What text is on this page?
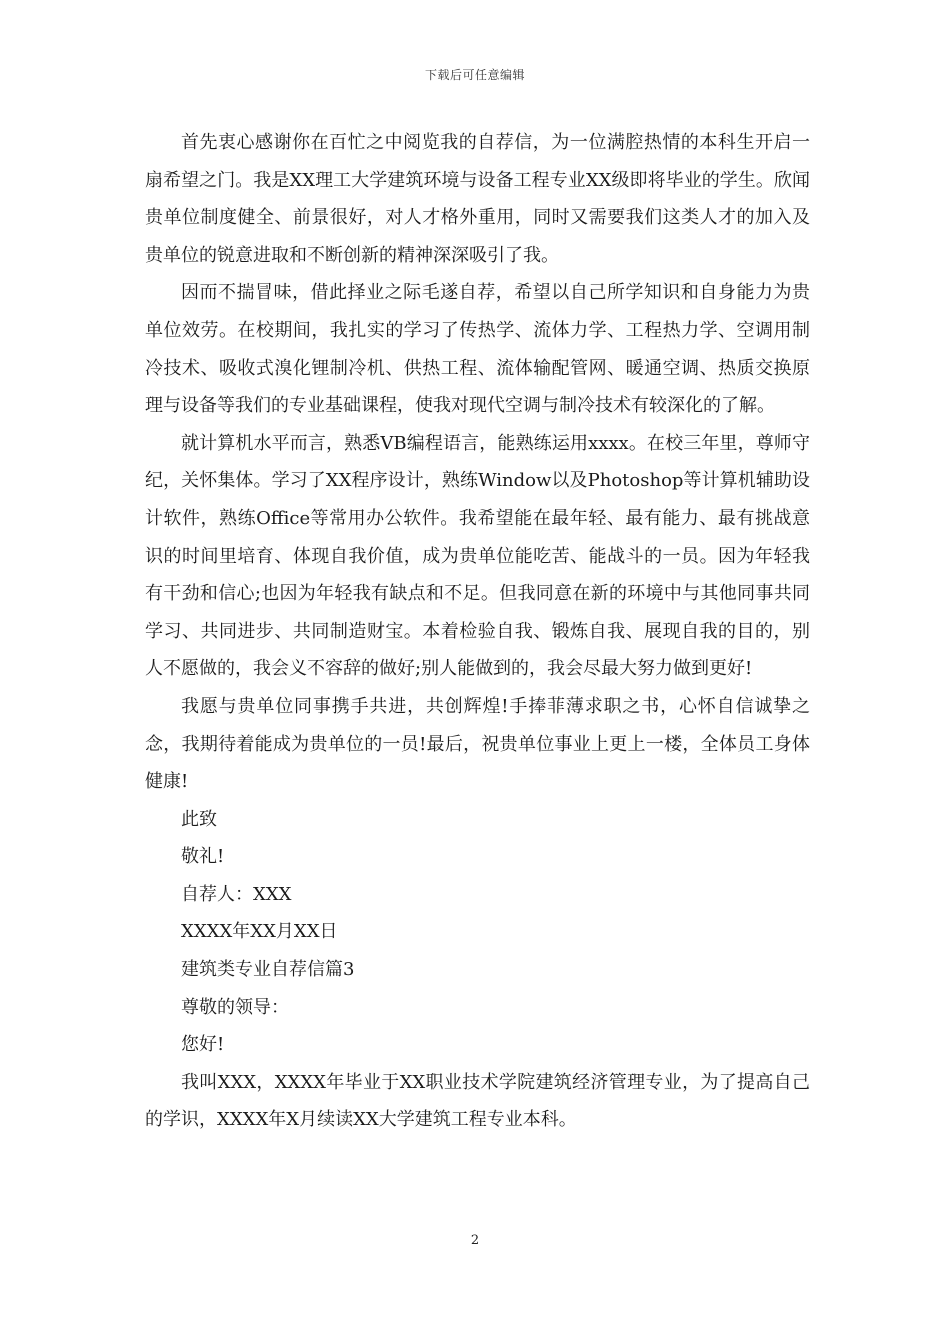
下载后可任意编辑

首先衷心感谢你在百忙之中阅览我的自荐信，为一位满腔热情的本科生开启一扇希望之门。我是XX理工大学建筑环境与设备工程专业XX级即将毕业的学生。欣闻贵单位制度健全、前景很好，对人才格外重用，同时又需要我们这类人才的加入及贵单位的锐意进取和不断创新的精神深深吸引了我。

因而不揣冒味，借此择业之际毛遂自荐，希望以自己所学知识和自身能力为贵单位效劳。在校期间，我扎实的学习了传热学、流体力学、工程热力学、空调用制冷技术、吸收式溴化锂制冷机、供热工程、流体输配管网、暖通空调、热质交换原理与设备等我们的专业基础课程，使我对现代空调与制冷技术有较深化的了解。

就计算机水平而言，熟悉VB编程语言，能熟练运用xxxx。在校三年里，尊师守纪，关怀集体。学习了XX程序设计，熟练Window以及Photoshop等计算机辅助设计软件，熟练Office等常用办公软件。我希望能在最年轻、最有能力、最有挑战意识的时间里培育、体现自我价值，成为贵单位能吃苦、能战斗的一员。因为年轻我有干劲和信心;也因为年轻我有缺点和不足。但我同意在新的环境中与其他同事共同学习、共同进步、共同制造财宝。本着检验自我、锻炼自我、展现自我的目的，别人不愿做的，我会义不容辞的做好;别人能做到的，我会尽最大努力做到更好!

我愿与贵单位同事携手共进，共创辉煌!手捧菲薄求职之书，心怀自信诚挚之念，我期待着能成为贵单位的一员!最后，祝贵单位事业上更上一楼，全体员工身体健康!

此致

敬礼!

自荐人：XXX

XXXX年XX月XX日

建筑类专业自荐信篇3

尊敬的领导：

您好!

我叫XXX，XXXX年毕业于XX职业技术学院建筑经济管理专业，为了提高自己的学识，XXXX年X月续读XX大学建筑工程专业本科。

2
